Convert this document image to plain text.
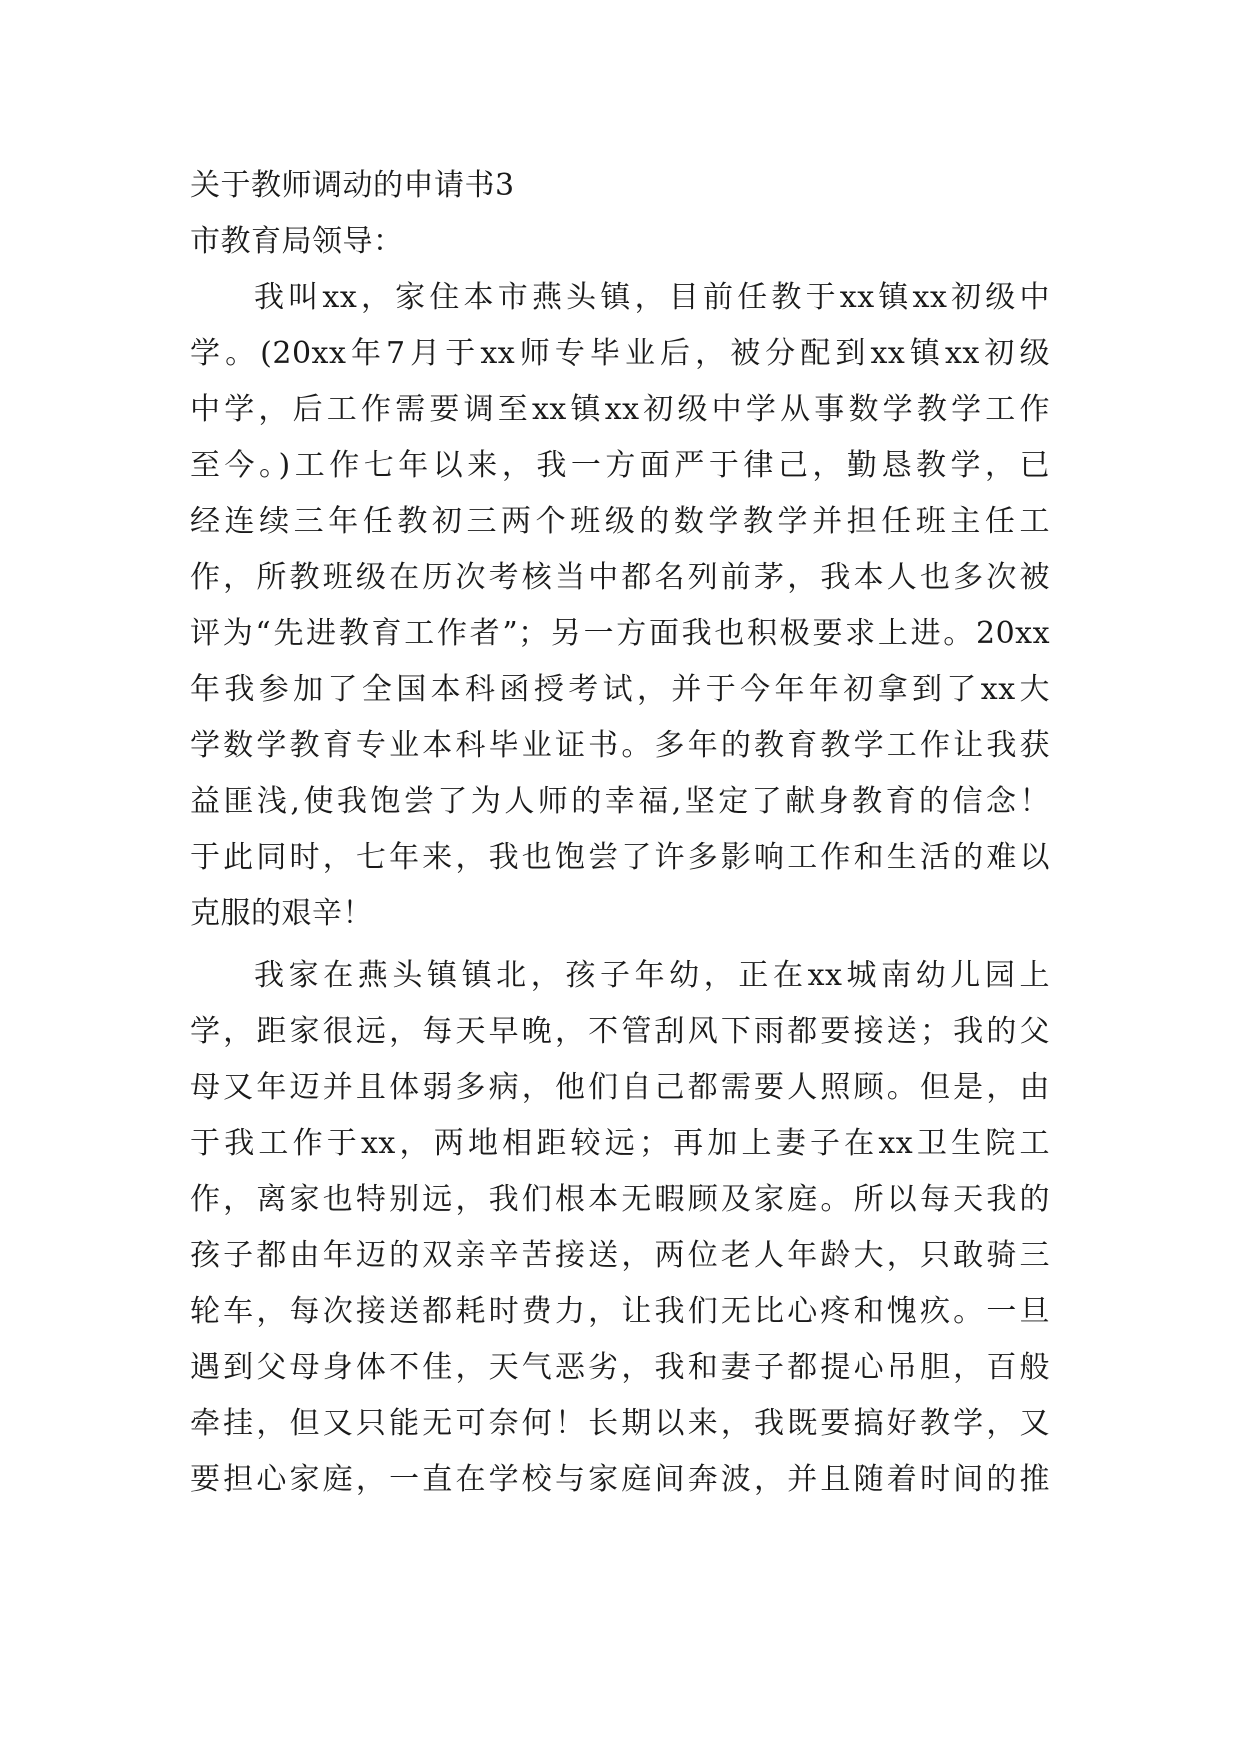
关于教师调动的申请书3
市教育局领导：
我叫xx，家住本市燕头镇，目前任教于xx镇xx初级中
学。(20xx年7月于xx师专毕业后，被分配到xx镇xx初级
中学，后工作需要调至xx镇xx初级中学从事数学教学工作
至今。)工作七年以来，我一方面严于律己，勤恳教学，已
经连续三年任教初三两个班级的数学教学并担任班主任工
作，所教班级在历次考核当中都名列前茅，我本人也多次被
评为“先进教育工作者”；另一方面我也积极要求上进。20xx
年我参加了全国本科函授考试，并于今年年初拿到了xx大
学数学教育专业本科毕业证书。多年的教育教学工作让我获
益匪浅,使我饱尝了为人师的幸福,坚定了献身教育的信念！
于此同时，七年来，我也饱尝了许多影响工作和生活的难以
克服的艰辛！
我家在燕头镇镇北，孩子年幼，正在xx城南幼儿园上
学，距家很远，每天早晚，不管刮风下雨都要接送；我的父
母又年迈并且体弱多病，他们自己都需要人照顾。但是，由
于我工作于xx，两地相距较远；再加上妻子在xx卫生院工
作，离家也特别远，我们根本无暇顾及家庭。所以每天我的
孩子都由年迈的双亲辛苦接送，两位老人年龄大，只敢骑三
轮车，每次接送都耗时费力，让我们无比心疼和愧疚。一旦
遇到父母身体不佳，天气恶劣，我和妻子都提心吊胆，百般
牵挂，但又只能无可奈何！长期以来，我既要搞好教学，又
要担心家庭，一直在学校与家庭间奔波，并且随着时间的推
